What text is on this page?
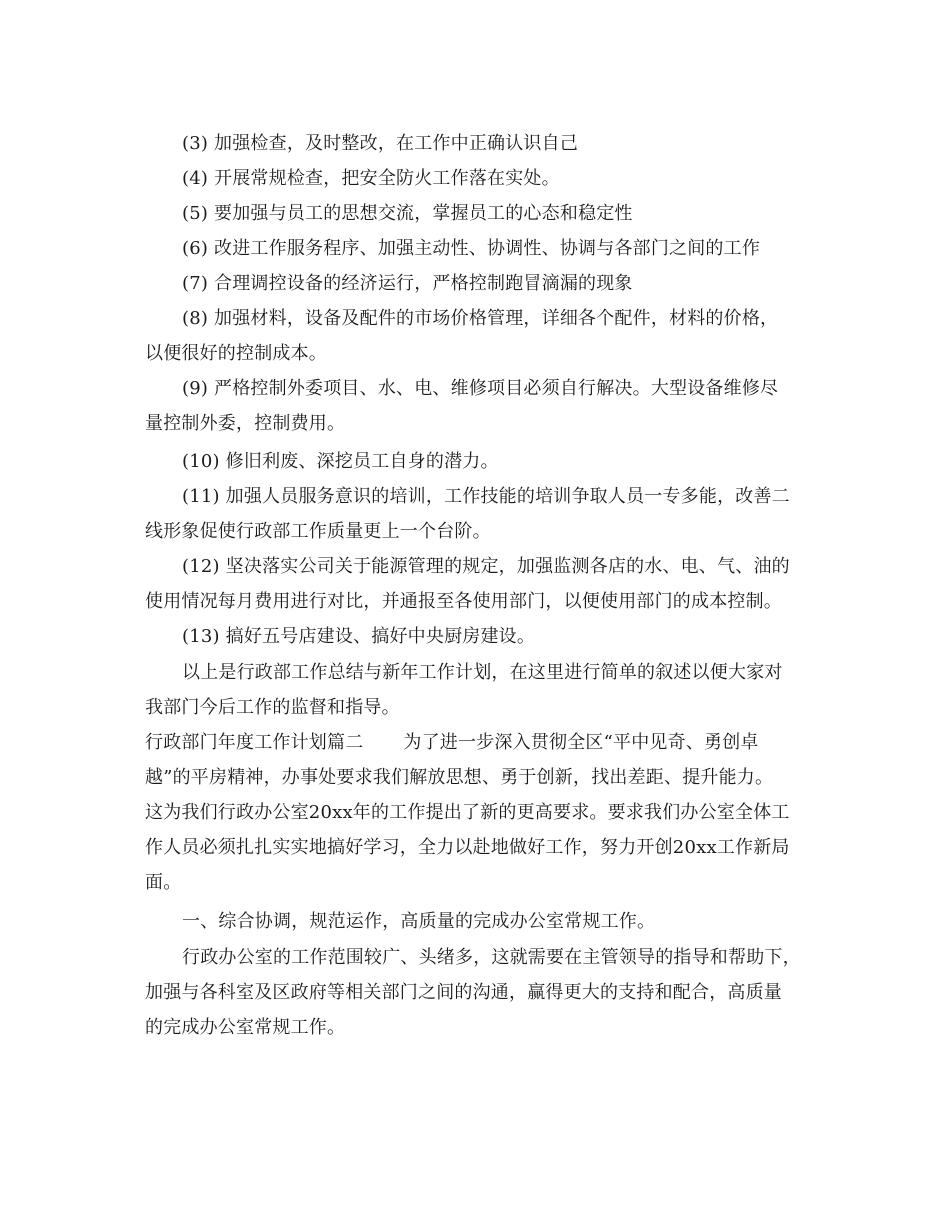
(3) 加强检查，及时整改，在工作中正确认识自己
(4) 开展常规检查，把安全防火工作落在实处。
(5) 要加强与员工的思想交流，掌握员工的心态和稳定性
(6) 改进工作服务程序、加强主动性、协调性、协调与各部门之间的工作
(7) 合理调控设备的经济运行，严格控制跑冒滴漏的现象
(8) 加强材料，设备及配件的市场价格管理，详细各个配件，材料的价格，
以便很好的控制成本。
(9) 严格控制外委项目、水、电、维修项目必须自行解决。大型设备维修尽
量控制外委，控制费用。
(10) 修旧利废、深挖员工自身的潜力。
(11) 加强人员服务意识的培训，工作技能的培训争取人员一专多能，改善二
线形象促使行政部工作质量更上一个台阶。
(12) 坚决落实公司关于能源管理的规定，加强监测各店的水、电、气、油的
使用情况每月费用进行对比，并通报至各使用部门，以便使用部门的成本控制。
(13) 搞好五号店建设、搞好中央厨房建设。
以上是行政部工作总结与新年工作计划，在这里进行简单的叙述以便大家对
我部门今后工作的监督和指导。
行政部门年度工作计划篇二 为了进一步深入贯彻全区“平中见奇、勇创卓
越”的平房精神，办事处要求我们解放思想、勇于创新，找出差距、提升能力。
这为我们行政办公室20xx年的工作提出了新的更高要求。要求我们办公室全体工
作人员必须扎扎实实地搞好学习，全力以赴地做好工作，努力开创20xx工作新局
面。
一、综合协调，规范运作，高质量的完成办公室常规工作。
行政办公室的工作范围较广、头绪多，这就需要在主管领导的指导和帮助下，
加强与各科室及区政府等相关部门之间的沟通，赢得更大的支持和配合，高质量
的完成办公室常规工作。
